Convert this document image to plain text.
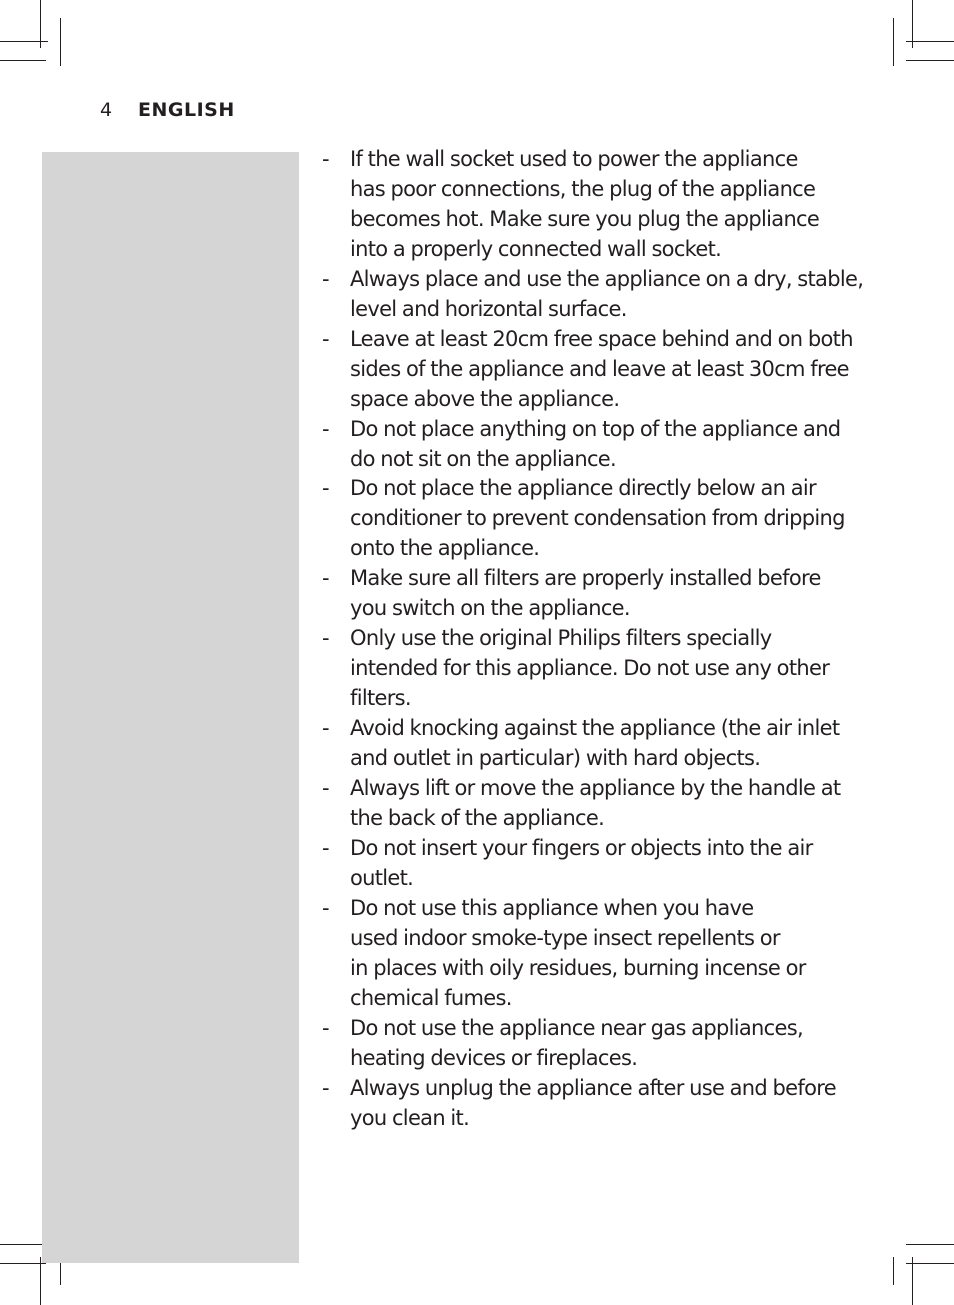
4 ENGLISH
- If the wall socket used to power the appliance
has poor connections, the plug of the appliance
becomes hot. Make sure you plug the appliance
into a properly connected wall socket.
- Always place and use the appliance on a dry, stable,
level and horizontal surface.
- Leave at least 20cm free space behind and on both
sides of the appliance and leave at least 30cm free
space above the appliance.
- Do not place anything on top of the appliance and
do not sit on the appliance.
- Do not place the appliance directly below an air
conditioner to prevent condensation from dripping
onto the appliance.
- Make sure all filters are properly installed before
you switch on the appliance.
- Only use the original Philips filters specially
intended for this appliance. Do not use any other
filters.
- Avoid knocking against the appliance (the air inlet
and outlet in particular) with hard objects.
- Always lift or move the appliance by the handle at
the back of the appliance.
- Do not insert your fingers or objects into the air
outlet.
- Do not use this appliance when you have
used indoor smoke-type insect repellents or
in places with oily residues, burning incense or
chemical fumes.
- Do not use the appliance near gas appliances,
heating devices or fireplaces.
- Always unplug the appliance after use and before
you clean it.
